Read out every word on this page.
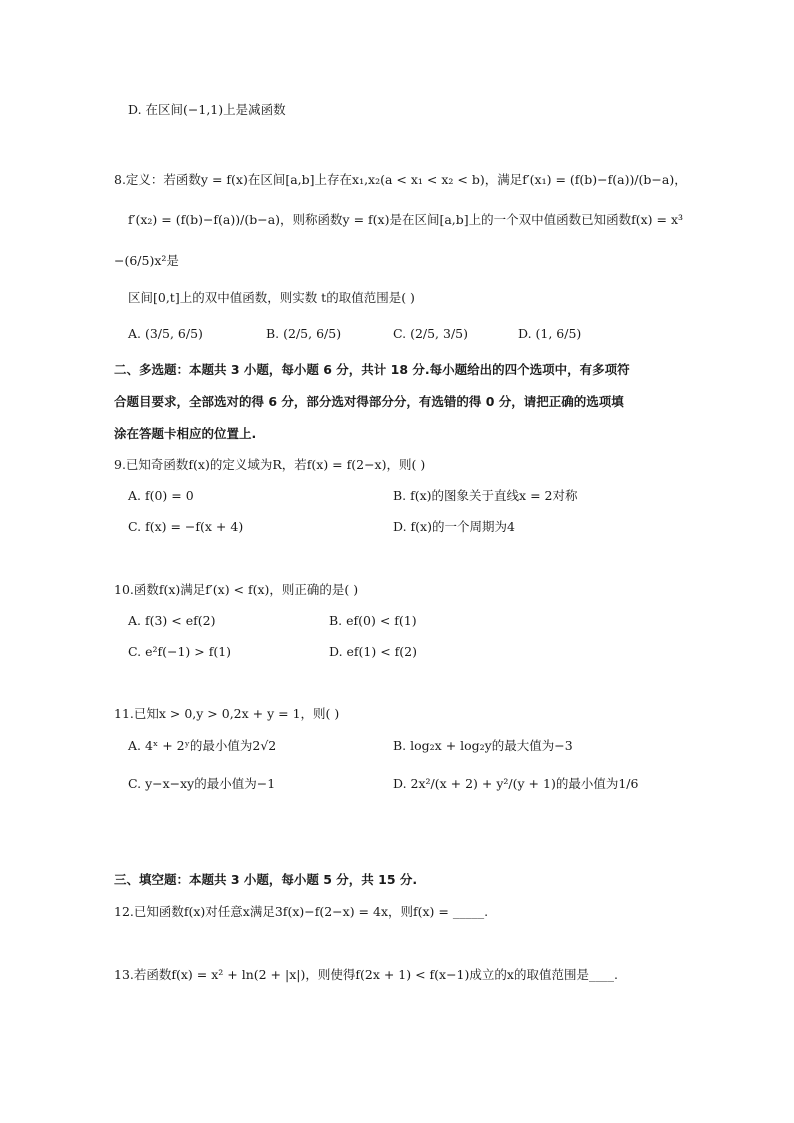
D. 在区间(−1,1)上是减函数
8.定义：若函数y = f(x)在区间[a,b]上存在x₁,x₂(a < x₁ < x₂ < b)，满足f′(x₁) = (f(b)−f(a))/(b−a)，
f′(x₂) = (f(b)−f(a))/(b−a)，则称函数y = f(x)是在区间[a,b]上的一个双中值函数已知函数f(x) = x³
−(6/5)x²是
区间[0,t]上的双中值函数，则实数 t的取值范围是( )
A. (3/5, 6/5)	B. (2/5, 6/5)	C. (2/5, 3/5)	D. (1, 6/5)
二、多选题：本题共 3 小题，每小题 6 分，共计 18 分.每小题给出的四个选项中，有多项符
合题目要求，全部选对的得 6 分，部分选对得部分分，有选错的得 0 分，请把正确的选项填
涂在答题卡相应的位置上.
9.已知奇函数f(x)的定义域为R，若f(x) = f(2−x)，则( )
A. f(0) = 0	B. f(x)的图象关于直线x = 2对称
C. f(x) = −f(x + 4)	D. f(x)的一个周期为4
10.函数f(x)满足f′(x) < f(x)，则正确的是( )
A. f(3) < ef(2)	B. ef(0) < f(1)
C. e²f(−1) > f(1)	D. ef(1) < f(2)
11.已知x > 0,y > 0,2x + y = 1，则( )
A. 4ˣ + 2ʸ的最小值为2√2	B. log₂x + log₂y的最大值为−3
C. y−x−xy的最小值为−1	D. 2x²/(x + 2) + y²/(y + 1)的最小值为1/6
三、填空题：本题共 3 小题，每小题 5 分，共 15 分.
12.已知函数f(x)对任意x满足3f(x)−f(2−x) = 4x，则f(x) = _____.
13.若函数f(x) = x² + ln(2 + |x|)，则使得f(2x + 1) < f(x−1)成立的x的取值范围是____.
